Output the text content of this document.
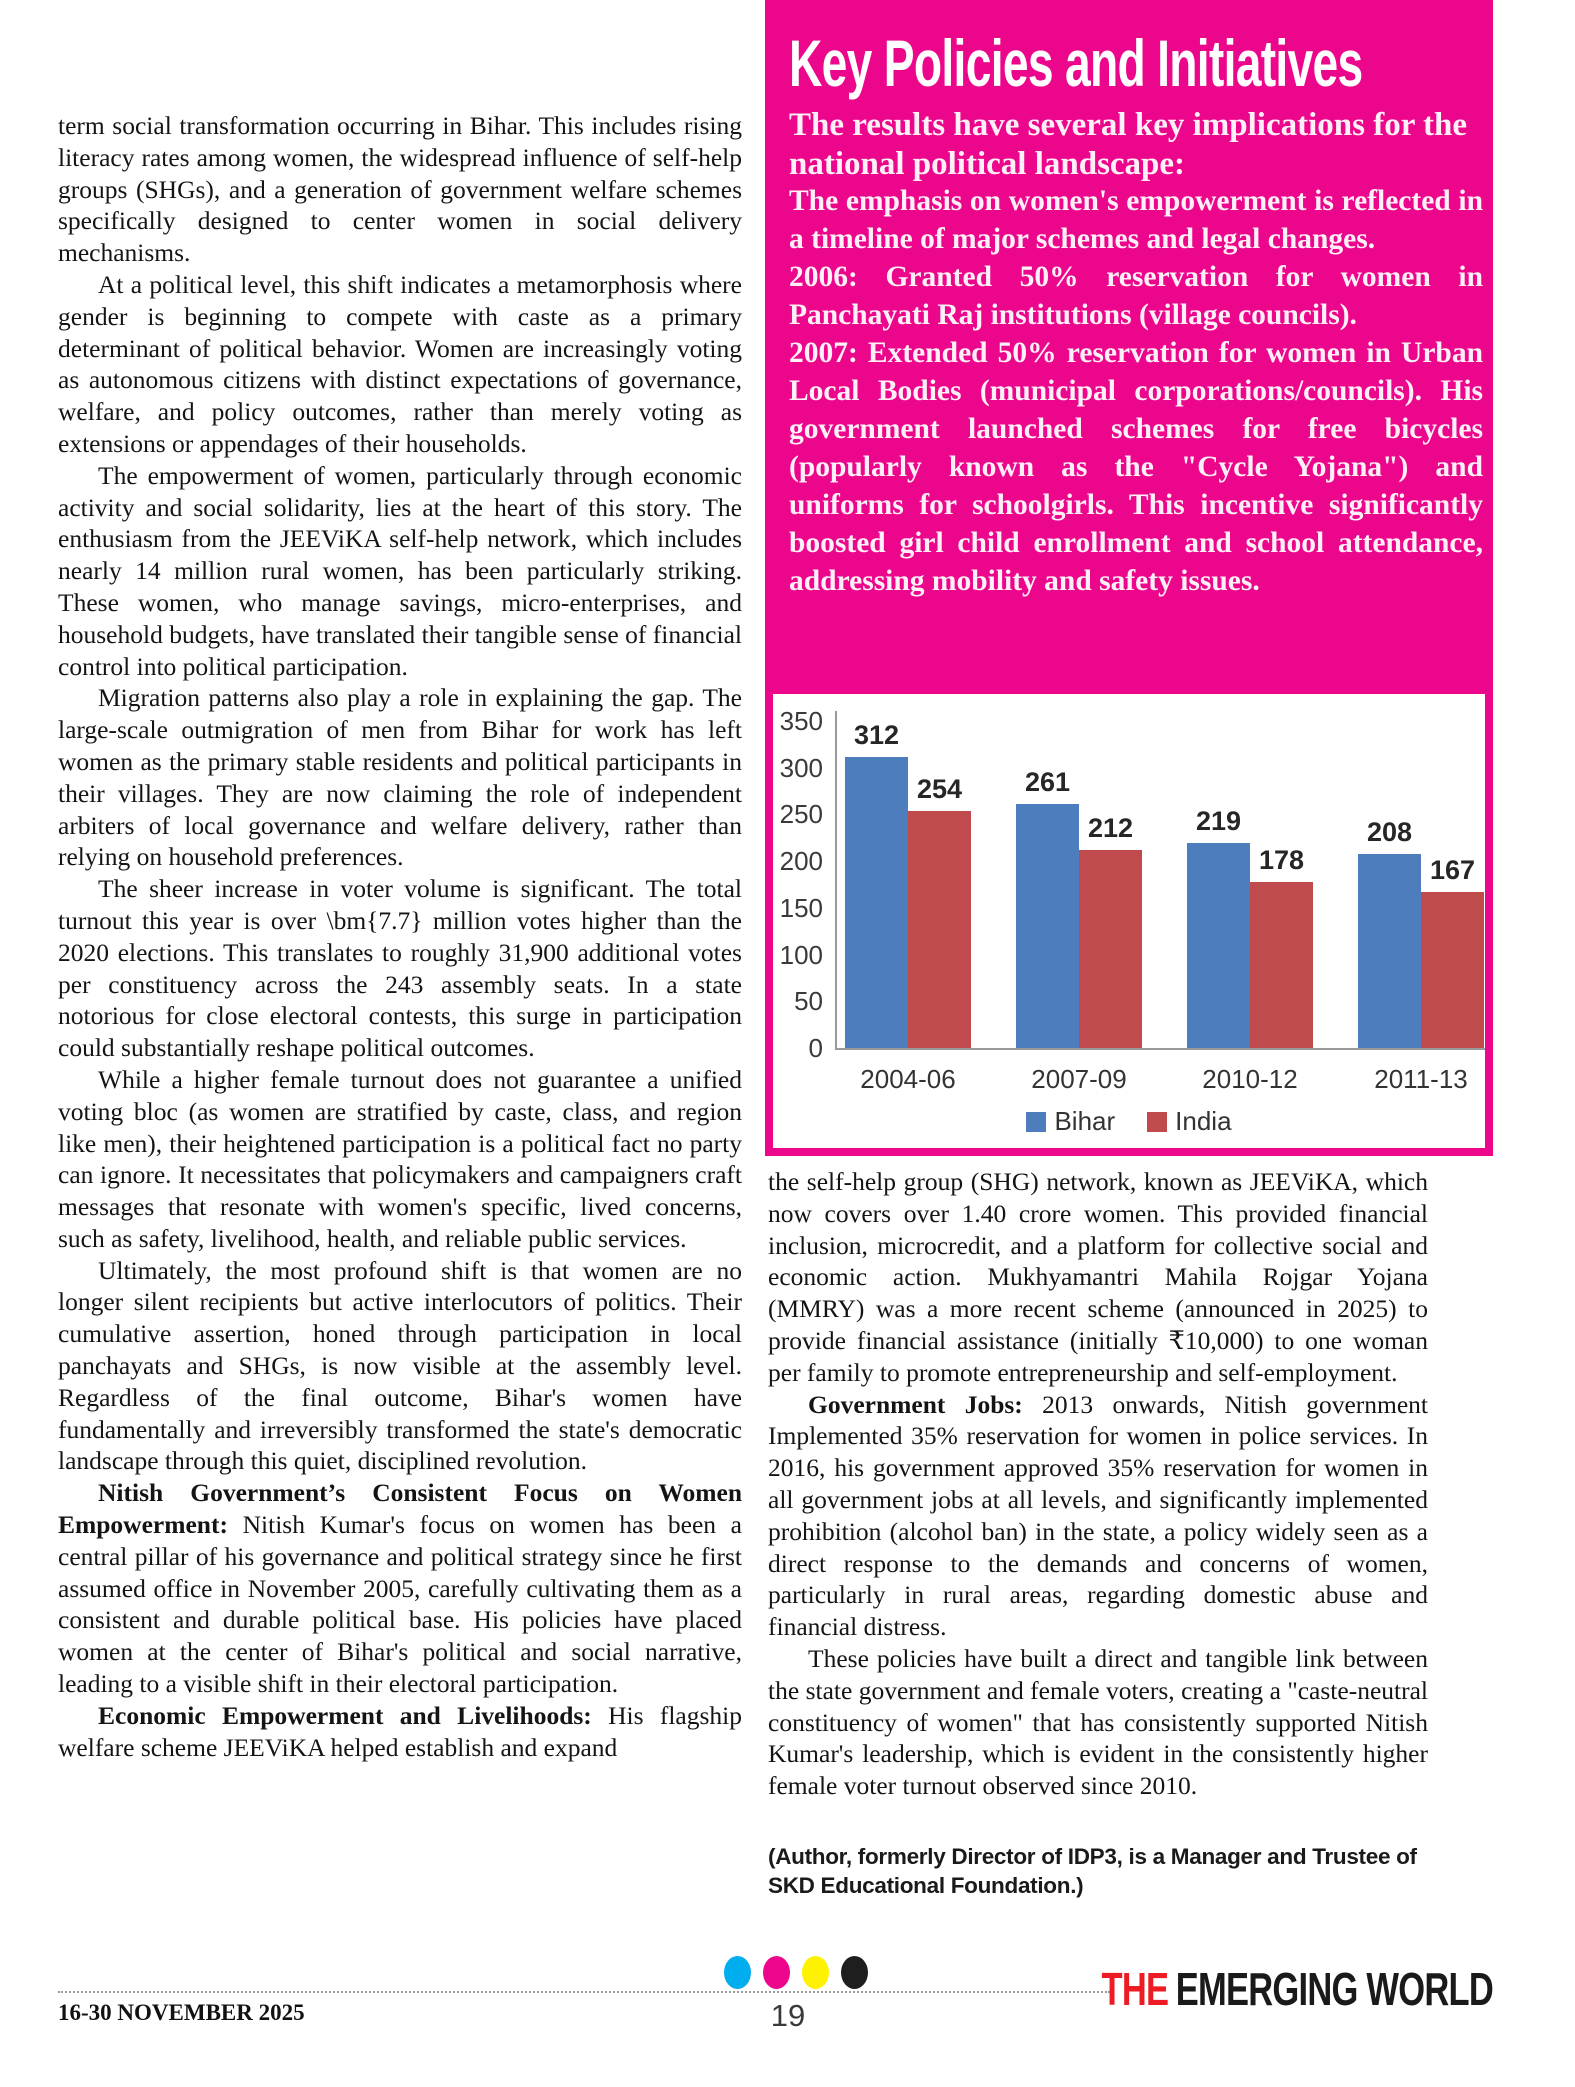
term social transformation occurring in Bihar. This includes rising literacy rates among women, the widespread influence of self-help groups (SHGs), and a generation of government welfare schemes specifically designed to center women in social delivery mechanisms.

At a political level, this shift indicates a metamorphosis where gender is beginning to compete with caste as a primary determinant of political behavior. Women are increasingly voting as autonomous citizens with distinct expectations of governance, welfare, and policy outcomes, rather than merely voting as extensions or appendages of their households.

The empowerment of women, particularly through economic activity and social solidarity, lies at the heart of this story. The enthusiasm from the JEEViKA self-help network, which includes nearly 14 million rural women, has been particularly striking. These women, who manage savings, micro-enterprises, and household budgets, have translated their tangible sense of financial control into political participation.

Migration patterns also play a role in explaining the gap. The large-scale outmigration of men from Bihar for work has left women as the primary stable residents and political participants in their villages. They are now claiming the role of independent arbiters of local governance and welfare delivery, rather than relying on household preferences.

The sheer increase in voter volume is significant. The total turnout this year is over \bm{7.7} million votes higher than the 2020 elections. This translates to roughly 31,900 additional votes per constituency across the 243 assembly seats. In a state notorious for close electoral contests, this surge in participation could substantially reshape political outcomes.

While a higher female turnout does not guarantee a unified voting bloc (as women are stratified by caste, class, and region like men), their heightened participation is a political fact no party can ignore. It necessitates that policymakers and campaigners craft messages that resonate with women's specific, lived concerns, such as safety, livelihood, health, and reliable public services.

Ultimately, the most profound shift is that women are no longer silent recipients but active interlocutors of politics. Their cumulative assertion, honed through participation in local panchayats and SHGs, is now visible at the assembly level. Regardless of the final outcome, Bihar's women have fundamentally and irreversibly transformed the state's democratic landscape through this quiet, disciplined revolution.

Nitish Government’s Consistent Focus on Women Empowerment: Nitish Kumar's focus on women has been a central pillar of his governance and political strategy since he first assumed office in November 2005, carefully cultivating them as a consistent and durable political base. His policies have placed women at the center of Bihar's political and social narrative, leading to a visible shift in their electoral participation.

Economic Empowerment and Livelihoods: His flagship welfare scheme JEEViKA helped establish and expand

Key Policies and Initiatives
The results have several key implications for the national political landscape:

The emphasis on women's empowerment is reflected in a timeline of major schemes and legal changes.

2006: Granted 50% reservation for women in Panchayati Raj institutions (village councils).

2007: Extended 50% reservation for women in Urban Local Bodies (municipal corporations/councils). His government launched schemes for free bicycles (popularly known as the "Cycle Yojana") and uniforms for schoolgirls. This incentive significantly boosted girl child enrollment and school attendance, addressing mobility and safety issues.

0
50
100
150
200
250
300
350	312
254
2004-06
261
212
2007-09
219
178
2010-12
208
167
2011-13
Bihar India

the self-help group (SHG) network, known as JEEViKA, which now covers over 1.40 crore women. This provided financial inclusion, microcredit, and a platform for collective social and economic action. Mukhyamantri Mahila Rojgar Yojana (MMRY) was a more recent scheme (announced in 2025) to provide financial assistance (initially ₹10,000) to one woman per family to promote entrepreneurship and self-employment.

Government Jobs: 2013 onwards, Nitish government Implemented 35% reservation for women in police services. In 2016, his government approved 35% reservation for women in all government jobs at all levels, and significantly implemented prohibition (alcohol ban) in the state, a policy widely seen as a direct response to the demands and concerns of women, particularly in rural areas, regarding domestic abuse and financial distress.

These policies have built a direct and tangible link between the state government and female voters, creating a "caste-neutral constituency of women" that has consistently supported Nitish Kumar's leadership, which is evident in the consistently higher female voter turnout observed since 2010.

(Author, formerly Director of IDP3, is a Manager and Trustee of SKD Educational Foundation.)
16-30 NOVEMBER 2025	19
THE EMERGING WORLD
